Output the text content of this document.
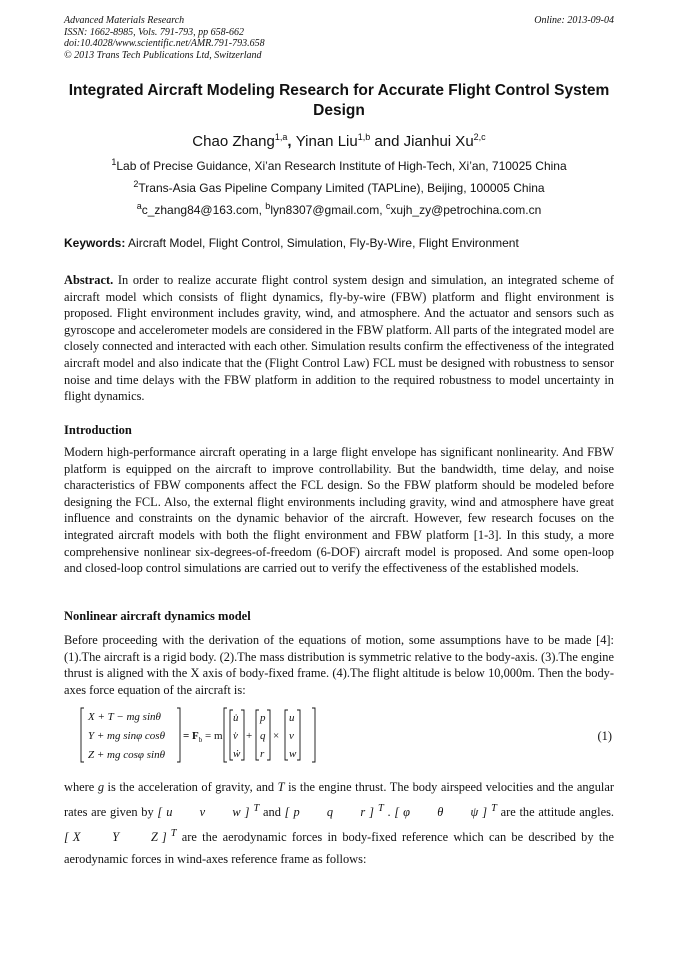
Advanced Materials Research
ISSN: 1662-8985, Vols. 791-793, pp 658-662
doi:10.4028/www.scientific.net/AMR.791-793.658
© 2013 Trans Tech Publications Ltd, Switzerland
Online: 2013-09-04
Integrated Aircraft Modeling Research for Accurate Flight Control System Design
Chao Zhang$^{1,a}$, Yinan Liu$^{1,b}$ and Jianhui Xu$^{2,c}$
$^1$Lab of Precise Guidance, Xi’an Research Institute of High-Tech, Xi’an, 710025 China
$^2$Trans-Asia Gas Pipeline Company Limited (TAPLine), Beijing, 100005 China
$^a$c_zhang84@163.com, $^b$lyn8307@gmail.com, $^c$xujh_zy@petrochina.com.cn
Keywords: Aircraft Model, Flight Control, Simulation, Fly-By-Wire, Flight Environment
Abstract. In order to realize accurate flight control system design and simulation, an integrated scheme of aircraft model which consists of flight dynamics, fly-by-wire (FBW) platform and flight environment is proposed. Flight environment includes gravity, wind, and atmosphere. And the actuator and sensors such as gyroscope and accelerometer models are considered in the FBW platform. All parts of the integrated model are closely connected and interacted with each other. Simulation results confirm the effectiveness of the integrated aircraft model and also indicate that the (Flight Control Law) FCL must be designed with robustness to sensor noise and time delays with the FBW platform in addition to the required robustness to model uncertainty in flight dynamics.
Introduction
Modern high-performance aircraft operating in a large flight envelope has significant nonlinearity. And FBW platform is equipped on the aircraft to improve controllability. But the bandwidth, time delay, and noise characteristics of FBW components affect the FCL design. So the FBW platform should be modeled before designing the FCL. Also, the external flight environments including gravity, wind and atmosphere have great influence and constraints on the dynamic behavior of the aircraft. However, few research focuses on the integrated aircraft models with both the flight environment and FBW platform [1-3]. In this study, a more comprehensive nonlinear six-degrees-of-freedom (6-DOF) aircraft model is proposed. And some open-loop and closed-loop control simulations are carried out to verify the effectiveness of the established models.
Nonlinear aircraft dynamics model
Before proceeding with the derivation of the equations of motion, some assumptions have to be made [4]: (1).The aircraft is a rigid body. (2).The mass distribution is symmetric relative to the body-axis. (3).The engine thrust is aligned with the X axis of body-fixed frame. (4).The flight altitude is below 10,000m. Then the body-axes force equation of the aircraft is:
X + T − mg sinθ
Y + mg sinφ cosθ
Z + mg cosφ sinθ
= $F_b = m$
u̇
v̇
ẇ
+
p
q
r
×
u
v
w
(1)
where g is the acceleration of gravity, and T is the engine thrust. The body airspeed velocities and the angular rates are given by [u   v   w]$^T$ and [p   q   r]$^T$ . [φ   θ   ψ]$^T$ are the attitude angles. [X   Y   Z]$^T$ are the aerodynamic forces in body-fixed reference which can be described by the aerodynamic forces in wind-axes reference frame as follows:
